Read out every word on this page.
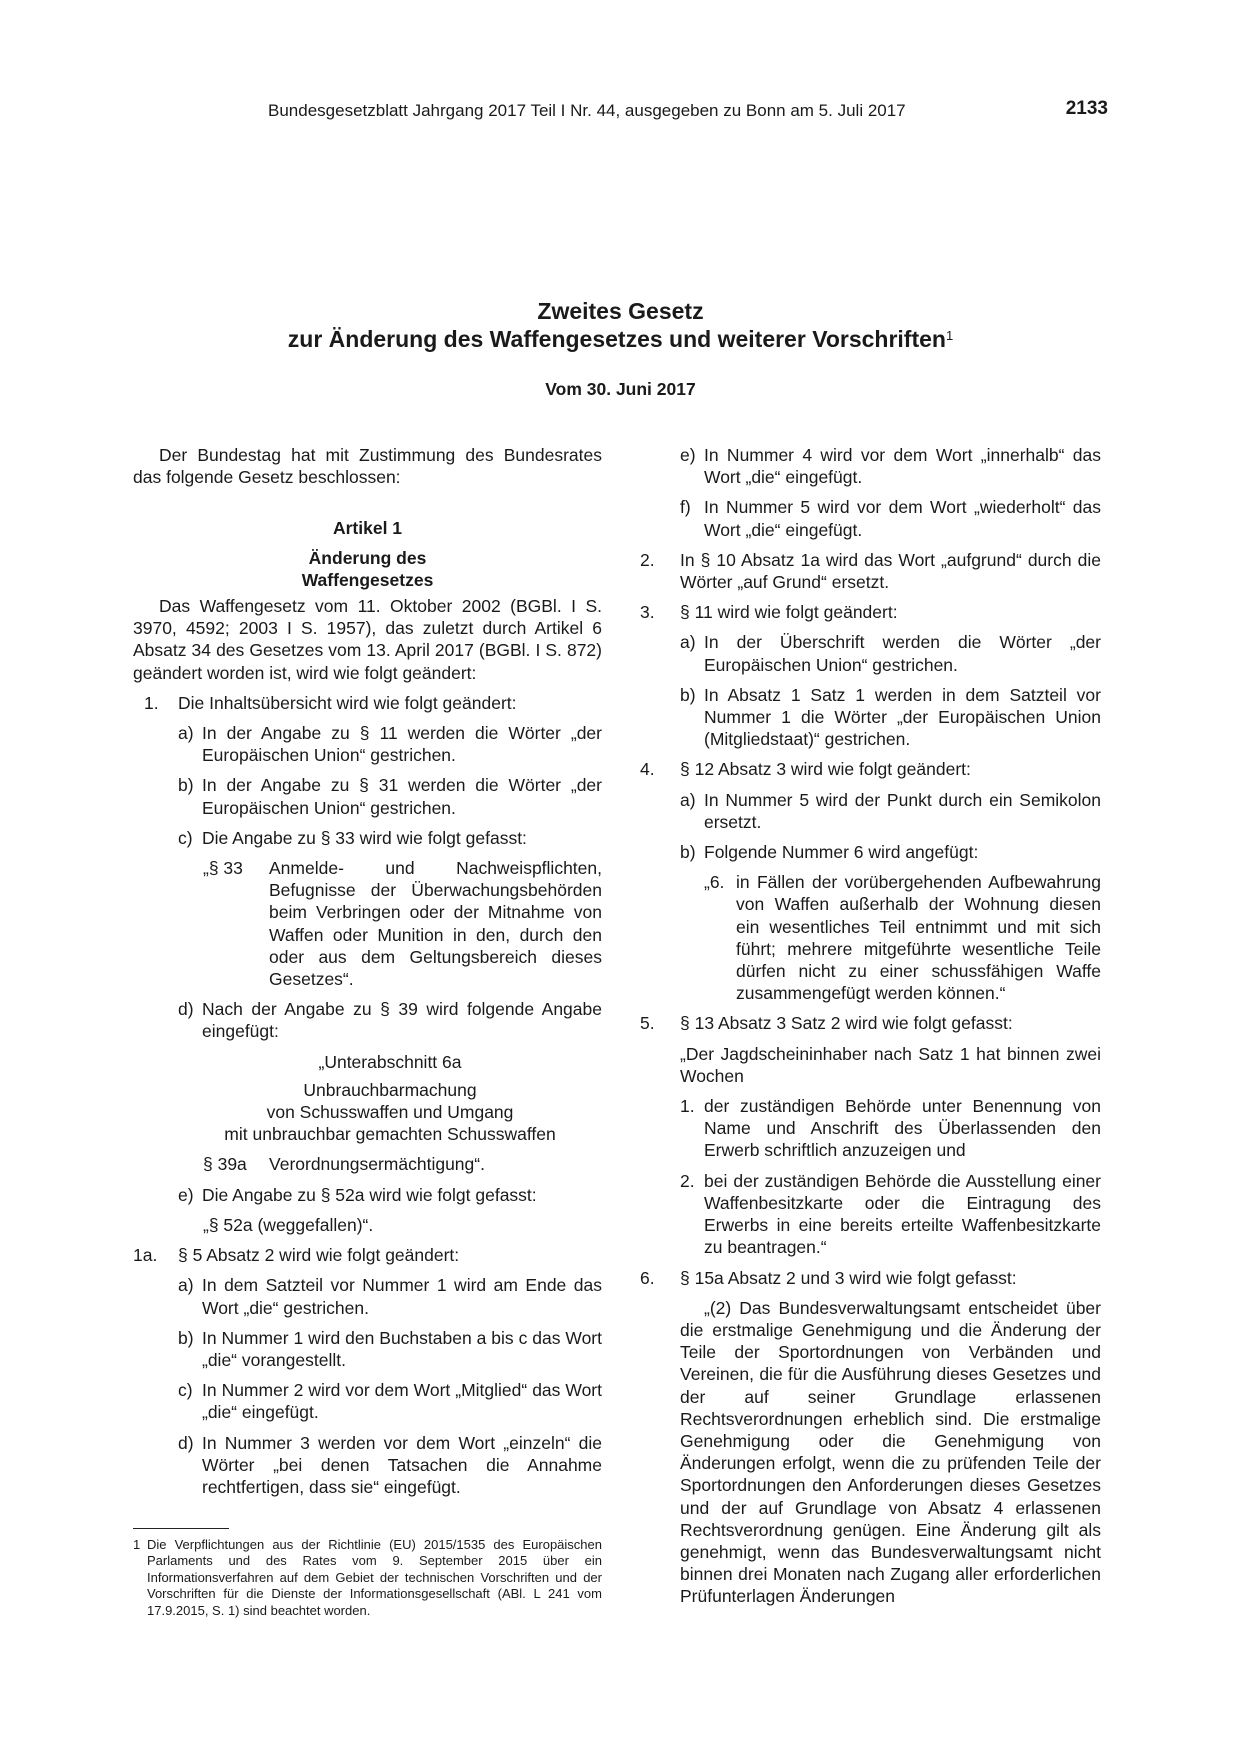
Bundesgesetzblatt Jahrgang 2017 Teil I Nr. 44, ausgegeben zu Bonn am 5. Juli 2017	2133
Zweites Gesetz
zur Änderung des Waffengesetzes und weiterer Vorschriften$^1$
Vom 30. Juni 2017

Der Bundestag hat mit Zustimmung des Bundesrates das folgende Gesetz beschlossen:

Artikel 1

Änderung des

Waffengesetzes

Das Waffengesetz vom 11. Oktober 2002 (BGBl. I S. 3970, 4592; 2003 I S. 1957), das zuletzt durch Artikel 6 Absatz 34 des Gesetzes vom 13. April 2017 (BGBl. I S. 872) geändert worden ist, wird wie folgt geändert:

1.	Die Inhaltsübersicht wird wie folgt geändert:
a) In der Angabe zu § 11 werden die Wörter „der Europäischen Union“ gestrichen.
b) In der Angabe zu § 31 werden die Wörter „der Europäischen Union“ gestrichen.
c) Die Angabe zu § 33 wird wie folgt gefasst:
„§ 33	Anmelde- und Nachweispflichten, Befugnisse der Überwachungsbehörden beim Verbringen oder der Mitnahme von Waffen oder Munition in den, durch den oder aus dem Geltungsbereich dieses Gesetzes“.
d) Nach der Angabe zu § 39 wird folgende Angabe eingefügt:

„Unterabschnitt 6a

Unbrauchbarmachung

von Schusswaffen und Umgang

mit unbrauchbar gemachten Schusswaffen

§ 39a	Verordnungsermächtigung“.
e) Die Angabe zu § 52a wird wie folgt gefasst:

„§ 52a (weggefallen)“.

1a.	§ 5 Absatz 2 wird wie folgt geändert:
a) In dem Satzteil vor Nummer 1 wird am Ende das Wort „die“ gestrichen.
b) In Nummer 1 wird den Buchstaben a bis c das Wort „die“ vorangestellt.
c) In Nummer 2 wird vor dem Wort „Mitglied“ das Wort „die“ eingefügt.
d) In Nummer 3 werden vor dem Wort „einzeln“ die Wörter „bei denen Tatsachen die Annahme rechtfertigen, dass sie“ eingefügt.
1 Die Verpflichtungen aus der Richtlinie (EU) 2015/1535 des Europäischen Parlaments und des Rates vom 9. September 2015 über ein Informationsverfahren auf dem Gebiet der technischen Vorschriften und der Vorschriften für die Dienste der Informationsgesellschaft (ABl. L 241 vom 17.9.2015, S. 1) sind beachtet worden.
e) In Nummer 4 wird vor dem Wort „innerhalb“ das Wort „die“ eingefügt.
f) In Nummer 5 wird vor dem Wort „wiederholt“ das Wort „die“ eingefügt.
2.	In § 10 Absatz 1a wird das Wort „aufgrund“ durch die Wörter „auf Grund“ ersetzt.
3.	§ 11 wird wie folgt geändert:
a) In der Überschrift werden die Wörter „der Europäischen Union“ gestrichen.
b) In Absatz 1 Satz 1 werden in dem Satzteil vor Nummer 1 die Wörter „der Europäischen Union (Mitgliedstaat)“ gestrichen.
4.	§ 12 Absatz 3 wird wie folgt geändert:
a) In Nummer 5 wird der Punkt durch ein Semikolon ersetzt.
b) Folgende Nummer 6 wird angefügt:
„6. in Fällen der vorübergehenden Aufbewahrung von Waffen außerhalb der Wohnung diesen ein wesentliches Teil entnimmt und mit sich führt; mehrere mitgeführte wesentliche Teile dürfen nicht zu einer schussfähigen Waffe zusammengefügt werden können.“
5.	§ 13 Absatz 3 Satz 2 wird wie folgt gefasst:

„Der Jagdscheininhaber nach Satz 1 hat binnen zwei Wochen

1. der zuständigen Behörde unter Benennung von Name und Anschrift des Überlassenden den Erwerb schriftlich anzuzeigen und
2. bei der zuständigen Behörde die Ausstellung einer Waffenbesitzkarte oder die Eintragung des Erwerbs in eine bereits erteilte Waffenbesitzkarte zu beantragen.“
6.	§ 15a Absatz 2 und 3 wird wie folgt gefasst:

„(2) Das Bundesverwaltungsamt entscheidet über die erstmalige Genehmigung und die Änderung der Teile der Sportordnungen von Verbänden und Vereinen, die für die Ausführung dieses Gesetzes und der auf seiner Grundlage erlassenen Rechtsverordnungen erheblich sind. Die erstmalige Genehmigung oder die Genehmigung von Änderungen erfolgt, wenn die zu prüfenden Teile der Sportordnungen den Anforderungen dieses Gesetzes und der auf Grundlage von Absatz 4 erlassenen Rechtsverordnung genügen. Eine Änderung gilt als genehmigt, wenn das Bundesverwaltungsamt nicht binnen drei Monaten nach Zugang aller erforderlichen Prüfunterlagen Änderungen
